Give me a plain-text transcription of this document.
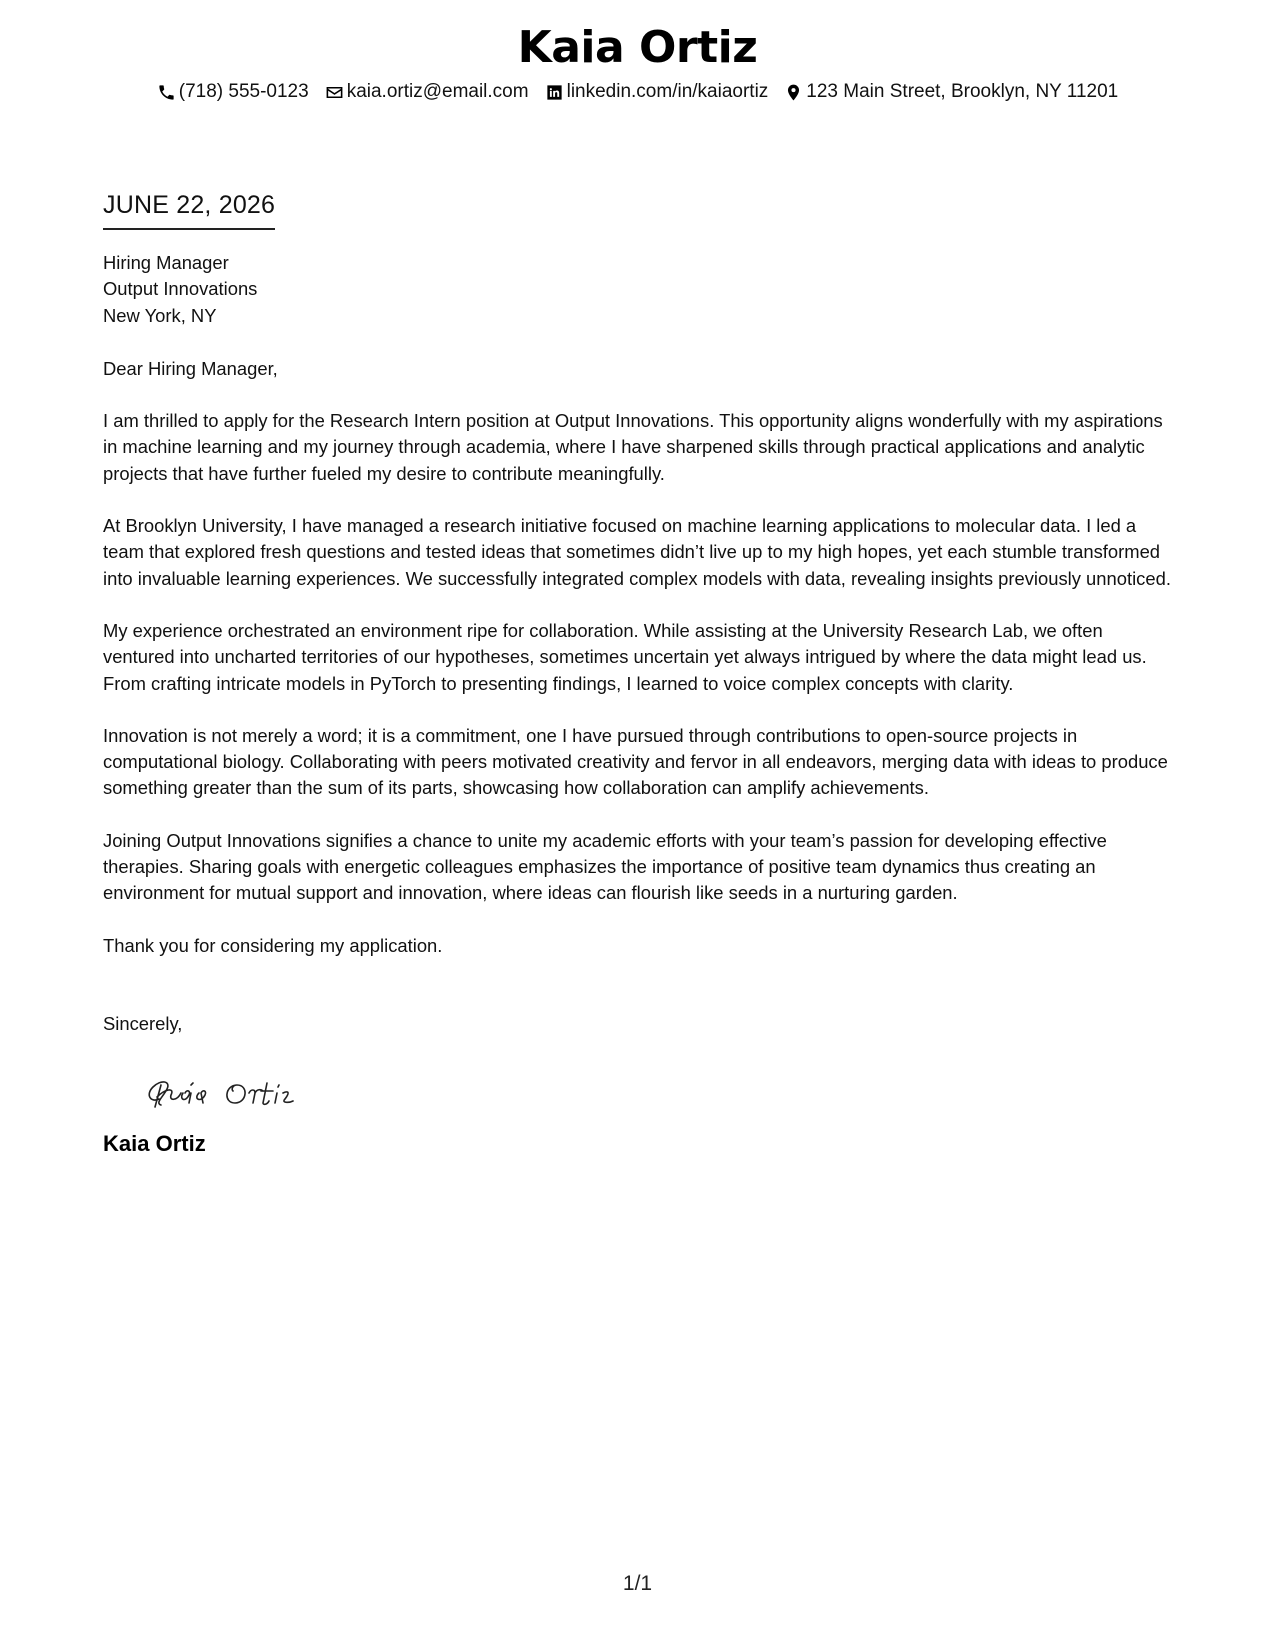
Kaia Ortiz
(718) 555-0123 kaia.ortiz@email.com linkedin.com/in/kaiaortiz 123 Main Street, Brooklyn, NY 11201
JUNE 22, 2026
Hiring Manager
Output Innovations
New York, NY
Dear Hiring Manager,

I am thrilled to apply for the Research Intern position at Output Innovations. This opportunity aligns wonderfully with my aspirations in machine learning and my journey through academia, where I have sharpened skills through practical applications and analytic projects that have further fueled my desire to contribute meaningfully.

At Brooklyn University, I have managed a research initiative focused on machine learning applications to molecular data. I led a team that explored fresh questions and tested ideas that sometimes didn’t live up to my high hopes, yet each stumble transformed into invaluable learning experiences. We successfully integrated complex models with data, revealing insights previously unnoticed.

My experience orchestrated an environment ripe for collaboration. While assisting at the University Research Lab, we often ventured into uncharted territories of our hypotheses, sometimes uncertain yet always intrigued by where the data might lead us. From crafting intricate models in PyTorch to presenting findings, I learned to voice complex concepts with clarity.

Innovation is not merely a word; it is a commitment, one I have pursued through contributions to open-source projects in computational biology. Collaborating with peers motivated creativity and fervor in all endeavors, merging data with ideas to produce something greater than the sum of its parts, showcasing how collaboration can amplify achievements.

Joining Output Innovations signifies a chance to unite my academic efforts with your team’s passion for developing effective therapies. Sharing goals with energetic colleagues emphasizes the importance of positive team dynamics thus creating an environment for mutual support and innovation, where ideas can flourish like seeds in a nurturing garden.

Thank you for considering my application.
Sincerely,
Kaia Ortiz
1/1
